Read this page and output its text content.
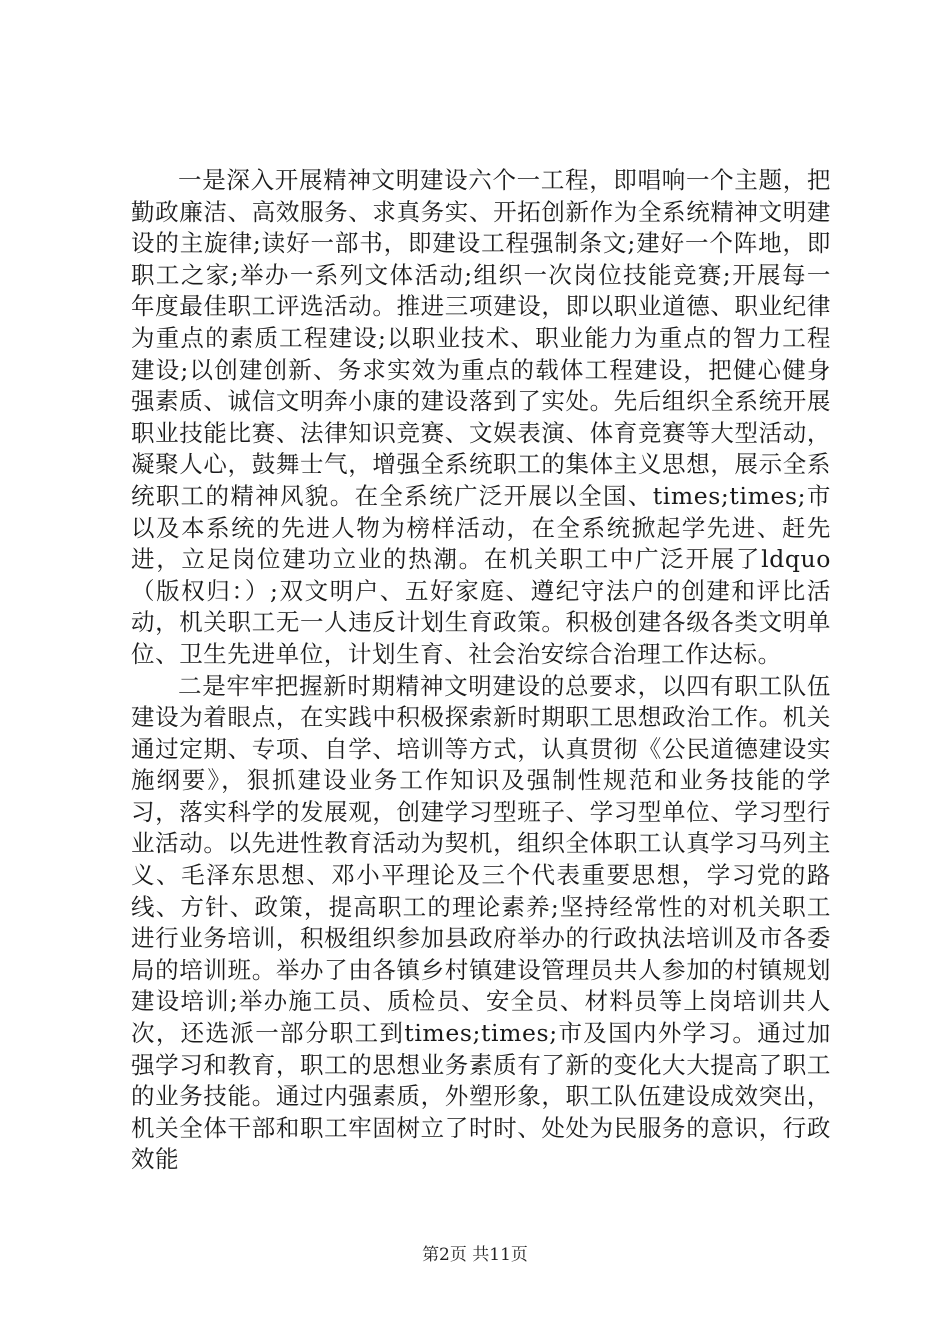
一是深入开展精神文明建设六个一工程，即唱响一个主题，把勤政廉洁、高效服务、求真务实、开拓创新作为全系统精神文明建设的主旋律;读好一部书，即建设工程强制条文;建好一个阵地，即职工之家;举办一系列文体活动;组织一次岗位技能竞赛;开展每一年度最佳职工评选活动。推进三项建设，即以职业道德、职业纪律为重点的素质工程建设;以职业技术、职业能力为重点的智力工程建设;以创建创新、务求实效为重点的载体工程建设，把健心健身强素质、诚信文明奔小康的建设落到了实处。先后组织全系统开展职业技能比赛、法律知识竞赛、文娱表演、体育竞赛等大型活动，凝聚人心，鼓舞士气，增强全系统职工的集体主义思想，展示全系统职工的精神风貌。在全系统广泛开展以全国、times;times;市以及本系统的先进人物为榜样活动，在全系统掀起学先进、赶先进，立足岗位建功立业的热潮。在机关职工中广泛开展了ldquo（版权归：）;双文明户、五好家庭、遵纪守法户的创建和评比活动，机关职工无一人违反计划生育政策。积极创建各级各类文明单位、卫生先进单位，计划生育、社会治安综合治理工作达标。

二是牢牢把握新时期精神文明建设的总要求，以四有职工队伍建设为着眼点，在实践中积极探索新时期职工思想政治工作。机关通过定期、专项、自学、培训等方式，认真贯彻《公民道德建设实施纲要》，狠抓建设业务工作知识及强制性规范和业务技能的学习，落实科学的发展观，创建学习型班子、学习型单位、学习型行业活动。以先进性教育活动为契机，组织全体职工认真学习马列主义、毛泽东思想、邓小平理论及三个代表重要思想，学习党的路线、方针、政策，提高职工的理论素养;坚持经常性的对机关职工进行业务培训，积极组织参加县政府举办的行政执法培训及市各委局的培训班。举办了由各镇乡村镇建设管理员共人参加的村镇规划建设培训;举办施工员、质检员、安全员、材料员等上岗培训共人次，还选派一部分职工到times;times;市及国内外学习。通过加强学习和教育，职工的思想业务素质有了新的变化大大提高了职工的业务技能。通过内强素质，外塑形象，职工队伍建设成效突出，机关全体干部和职工牢固树立了时时、处处为民服务的意识，行政效能

第2页 共11页
